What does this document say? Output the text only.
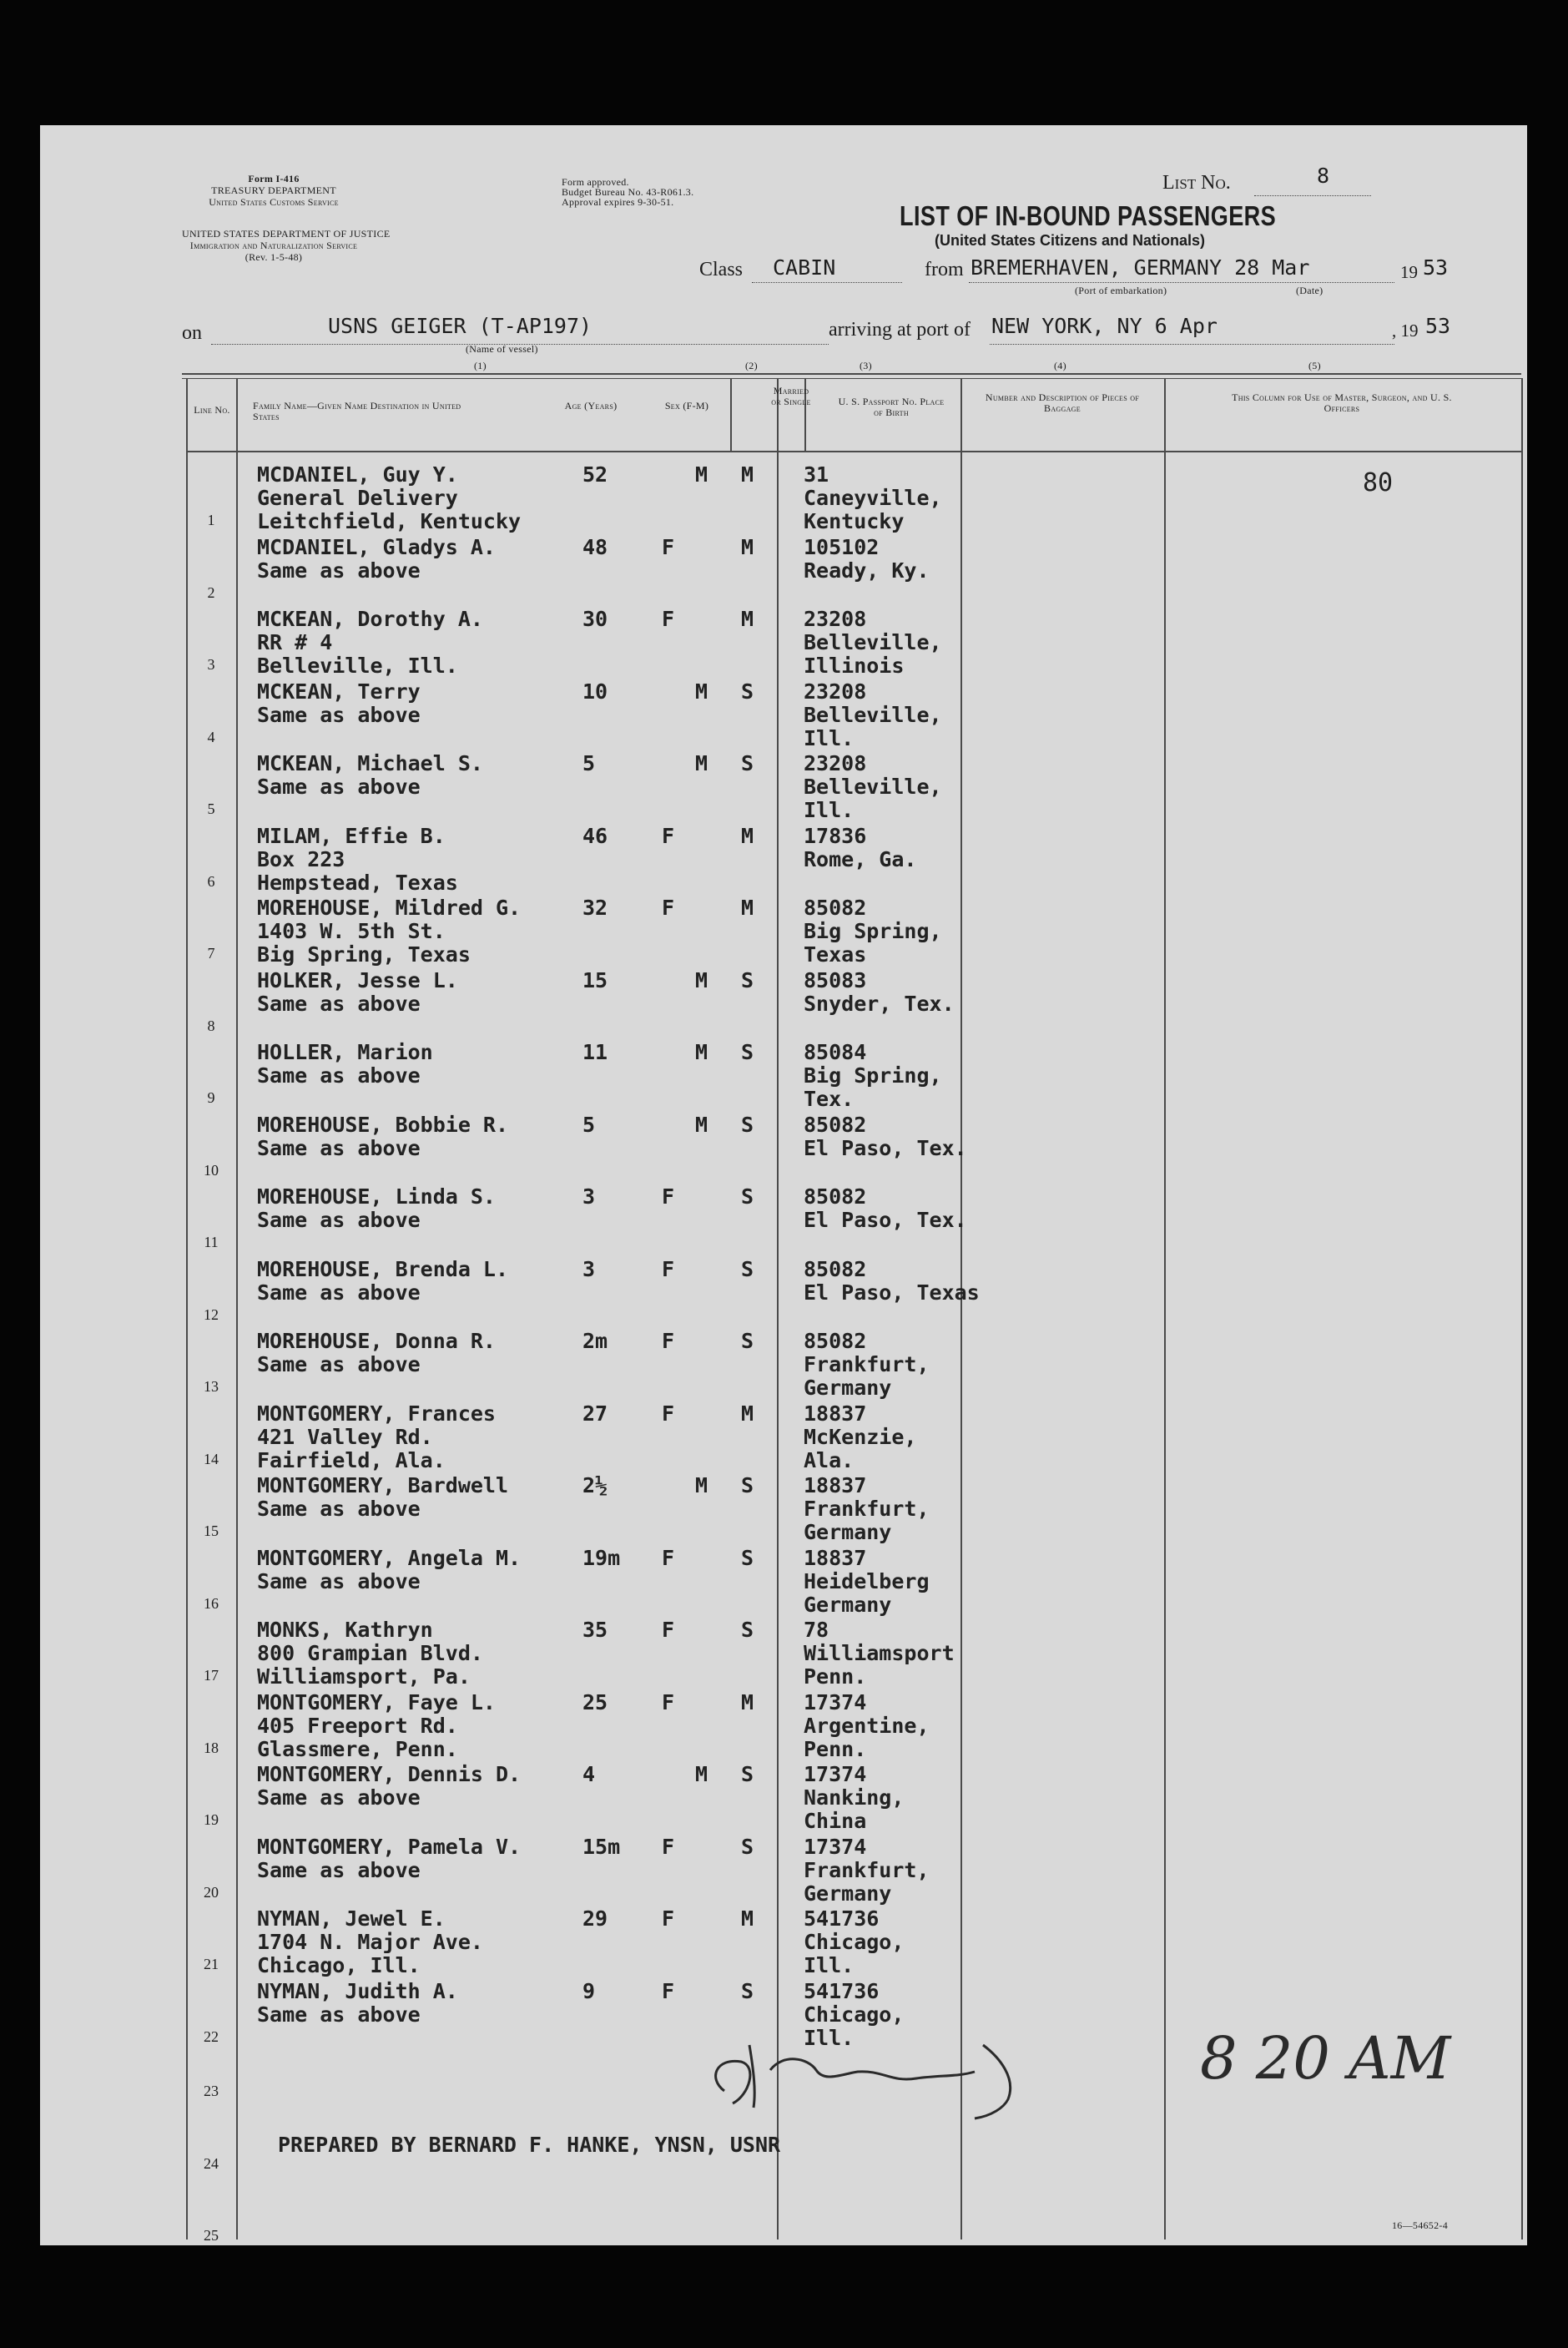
Form I-416
TREASURY DEPARTMENT
United States Customs Service
UNITED STATES DEPARTMENT OF JUSTICE
Immigration and Naturalization Service
(Rev. 1-5-48)
Form approved.
Budget Bureau No. 43-R061.3.
Approval expires 9-30-51.
List No.	8
LIST OF IN-BOUND PASSENGERS
(United States Citizens and Nationals)
Class CABIN	from BREMERHAVEN, GERMANY 28 Mar	19 53
(Port of embarkation)	(Date)
on	USNS GEIGER (T-AP197)
(Name of vessel)
arriving at port of NEW YORK, NY 6 Apr	, 19 53
(1)	(2)	(3)	(4)	(5)
Line No.	Family Name—Given Name Destination in United States
Age (Years)	Sex (F-M)
Married or Single	U. S. Passport No. Place of Birth
Number and Description of Pieces of Baggage
This Column for Use of Master, Surgeon, and U. S. Officers
80
MCDANIEL, Guy Y.
General Delivery
Leitchfield, Kentucky
52	M M 31
Caneyville,
Kentucky
1
MCDANIEL, Gladys A.
Same as above
48	F	M 105102
Ready, Ky.
2
MCKEAN, Dorothy A.
RR # 4
Belleville, Ill.
30	F	M 23208
Belleville,
Illinois
3
MCKEAN, Terry
Same as above
10	M S 23208
Belleville,
Ill.
4
MCKEAN, Michael S.
Same as above
5	M S 23208
Belleville,
Ill.
5
MILAM, Effie B.
Box 223
Hempstead, Texas
46	F	M 17836
Rome, Ga.
6
MOREHOUSE, Mildred G.
1403 W. 5th St.
Big Spring, Texas
32	F	M 85082
Big Spring,
Texas
7
HOLKER, Jesse L.
Same as above
15	M S 85083
Snyder, Tex.
8
HOLLER, Marion
Same as above
11	M S 85084
Big Spring,
Tex.
9
MOREHOUSE, Bobbie R.
Same as above
5	M S 85082
El Paso, Tex.
10
MOREHOUSE, Linda S.
Same as above
3	F	S 85082
El Paso, Tex.
11
MOREHOUSE, Brenda L.
Same as above
3	F	S 85082
El Paso, Texas
12
MOREHOUSE, Donna R.
Same as above
2m	F	S 85082
Frankfurt,
Germany
13
MONTGOMERY, Frances
421 Valley Rd.
Fairfield, Ala.
27	F	M 18837
McKenzie,
Ala.
14
MONTGOMERY, Bardwell
Same as above
2½	M S 18837
Frankfurt,
Germany
15
MONTGOMERY, Angela M.
Same as above
19m F	S 18837
Heidelberg
Germany
16
MONKS, Kathryn
800 Grampian Blvd.
Williamsport, Pa.
35	F	S 78
Williamsport
Penn.
17
MONTGOMERY, Faye L.
405 Freeport Rd.
Glassmere, Penn.
25	F	M 17374
Argentine,
Penn.
18
MONTGOMERY, Dennis D.
Same as above
4	M S 17374
Nanking,
China
19
MONTGOMERY, Pamela V.
Same as above
15m F	S 17374
Frankfurt,
Germany
20
NYMAN, Jewel E.
1704 N. Major Ave.
Chicago, Ill.
29	F	M 541736
Chicago,
Ill.
21
NYMAN, Judith A.
Same as above
9	F	S 541736
Chicago,
Ill.
22
23
24
25
PREPARED BY BERNARD F. HANKE, YNSN, USNR
8 20 AM
16—54652-4
